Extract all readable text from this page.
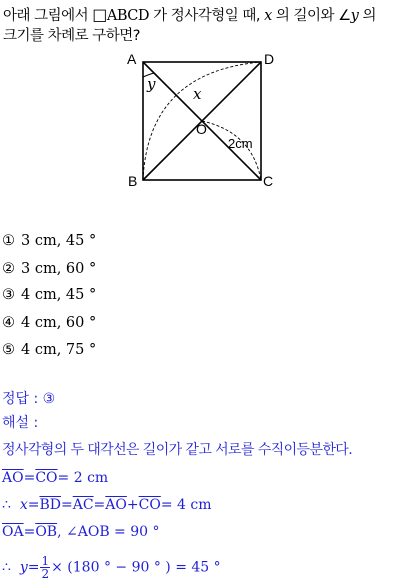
아래 그림에서 □ABCD 가 정사각형일 때, x 의 길이와 ∠y 의
크기를 차례로 구하면?
A	D
B	C
O
x
y
2cm
① 3 cm, 45 °
② 3 cm, 60 °
③ 4 cm, 45 °
④ 4 cm, 60 °
⑤ 4 cm, 75 °
정답 : ③
해설 :
정사각형의 두 대각선은 길이가 같고 서로를 수직이등분한다.
$\overline{AO}=\overline{CO}= 2$ cm
∴ $x=\overline{BD}=\overline{AC}=\overline{AO}+\overline{CO}= 4$ cm
$\overline{OA}=\overline{OB}$, ∠AOB = 90 °
∴ $y= \frac{1}{2} \times (180$ ° − 90 ° ) = 45 °
